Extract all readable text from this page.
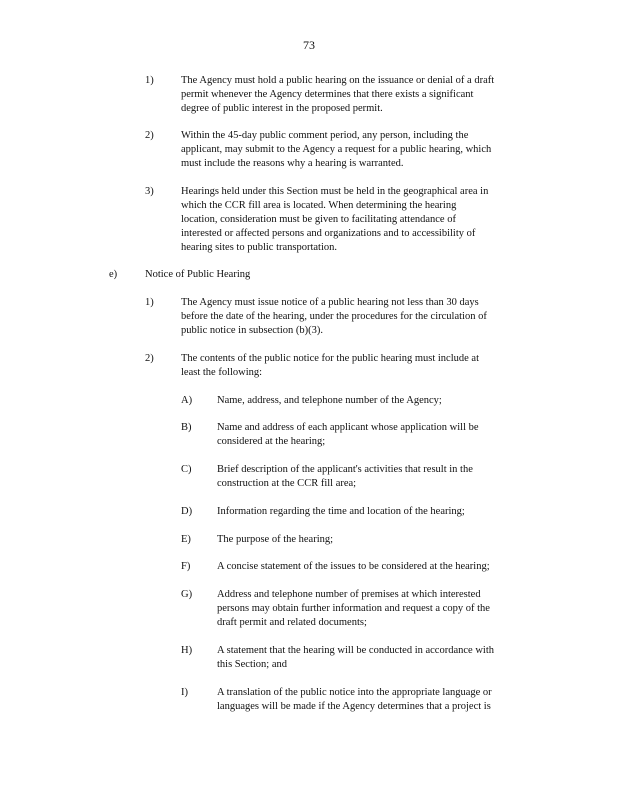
73
1)	The Agency must hold a public hearing on the issuance or denial of a draft
permit whenever the Agency determines that there exists a significant
degree of public interest in the proposed permit.
2)	Within the 45-day public comment period, any person, including the
applicant, may submit to the Agency a request for a public hearing, which
must include the reasons why a hearing is warranted.
3)	Hearings held under this Section must be held in the geographical area in
which the CCR fill area is located. When determining the hearing
location, consideration must be given to facilitating attendance of
interested or affected persons and organizations and to accessibility of
hearing sites to public transportation.
e)	Notice of Public Hearing
1)	The Agency must issue notice of a public hearing not less than 30 days
before the date of the hearing, under the procedures for the circulation of
public notice in subsection (b)(3).
2)	The contents of the public notice for the public hearing must include at
least the following:
A) Name, address, and telephone number of the Agency;
B) Name and address of each applicant whose application will be
considered at the hearing;
C) Brief description of the applicant's activities that result in the
construction at the CCR fill area;
D) Information regarding the time and location of the hearing;
E) The purpose of the hearing;
F)	A concise statement of the issues to be considered at the hearing;
G) Address and telephone number of premises at which interested
persons may obtain further information and request a copy of the
draft permit and related documents;
H) A statement that the hearing will be conducted in accordance with
this Section; and
I)	A translation of the public notice into the appropriate language or
languages will be made if the Agency determines that a project is
